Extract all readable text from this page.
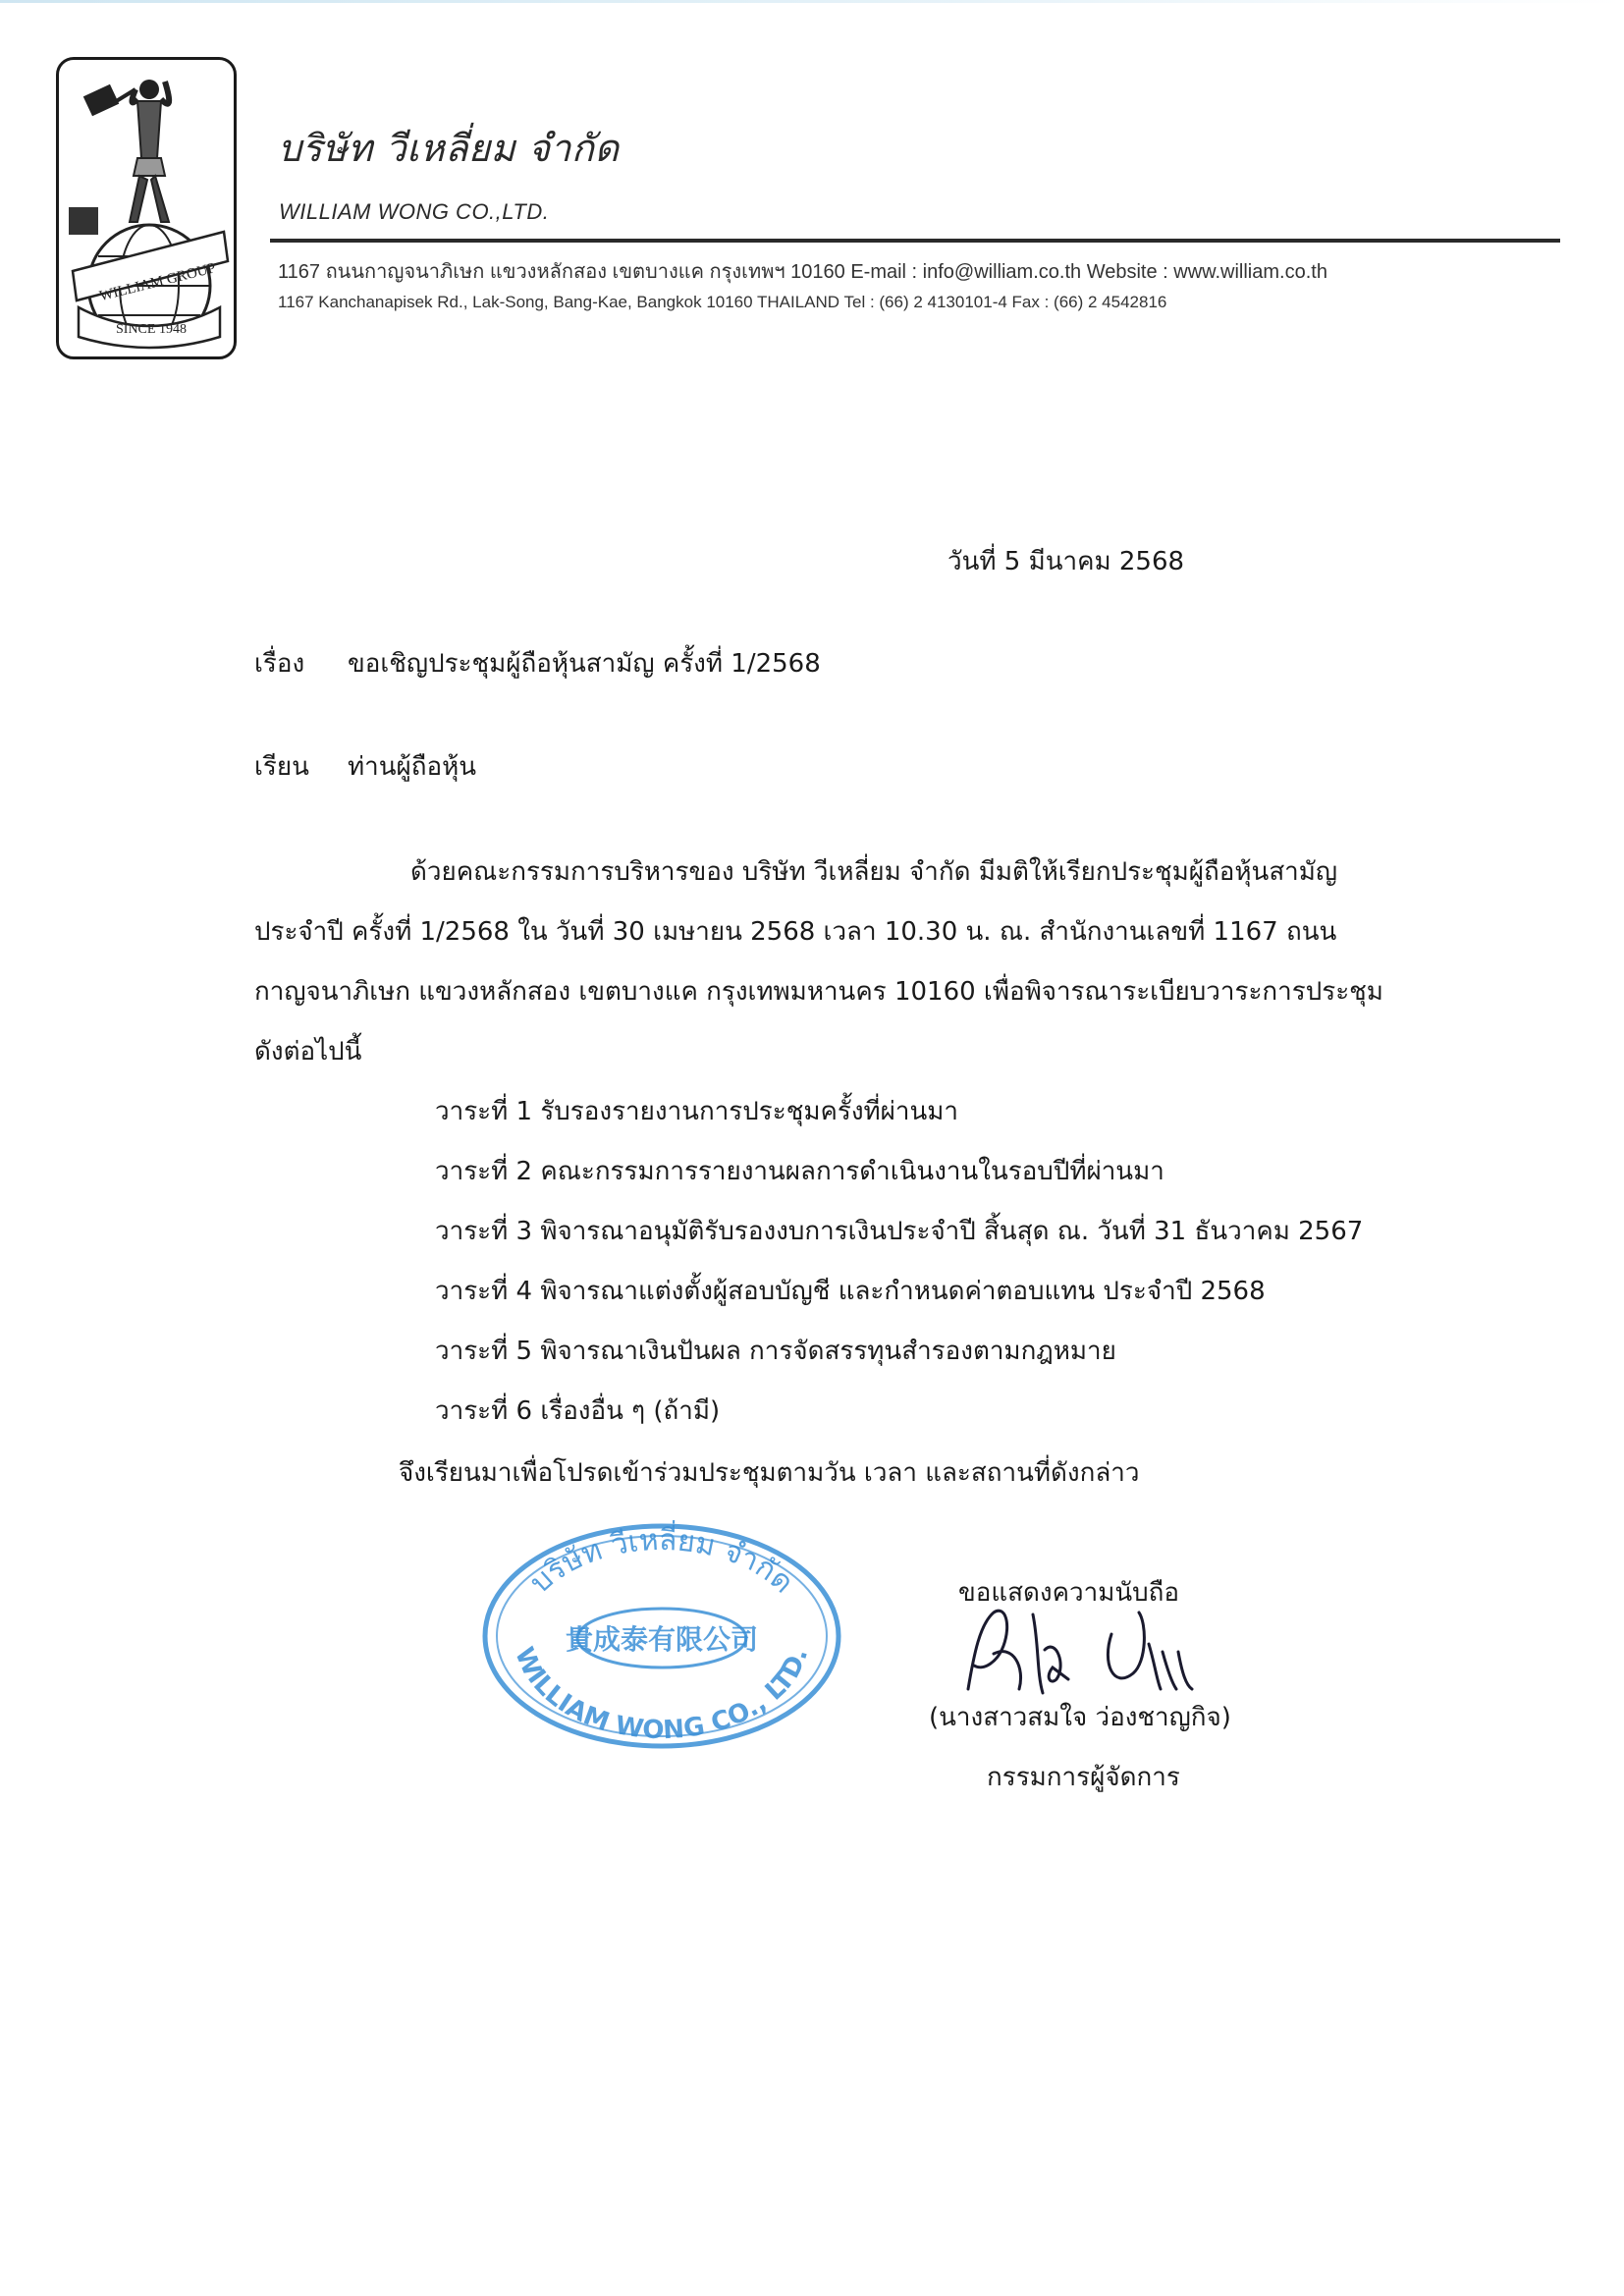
WILLIAM GROUP
SINCE 1948
บริษัท วีเหลี่ยม จำกัด
WILLIAM WONG CO.,LTD.
1167 ถนนกาญจนาภิเษก แขวงหลักสอง เขตบางแค กรุงเทพฯ 10160 E-mail : info@william.co.th Website : www.william.co.th
1167 Kanchanapisek Rd., Lak-Song, Bang-Kae, Bangkok 10160 THAILAND Tel : (66) 2 4130101-4 Fax : (66) 2 4542816
วันที่ 5 มีนาคม 2568
เรื่อง ขอเชิญประชุมผู้ถือหุ้นสามัญ ครั้งที่ 1/2568
เรียน ท่านผู้ถือหุ้น
ด้วยคณะกรรมการบริหารของ บริษัท วีเหลี่ยม จำกัด มีมติให้เรียกประชุมผู้ถือหุ้นสามัญ
ประจำปี ครั้งที่ 1/2568 ใน วันที่ 30 เมษายน 2568 เวลา 10.30 น. ณ. สำนักงานเลขที่ 1167 ถนน
กาญจนาภิเษก แขวงหลักสอง เขตบางแค กรุงเทพมหานคร 10160 เพื่อพิจารณาระเบียบวาระการประชุม
ดังต่อไปนี้
วาระที่ 1 รับรองรายงานการประชุมครั้งที่ผ่านมา
วาระที่ 2 คณะกรรมการรายงานผลการดำเนินงานในรอบปีที่ผ่านมา
วาระที่ 3 พิจารณาอนุมัติรับรองงบการเงินประจำปี สิ้นสุด ณ. วันที่ 31 ธันวาคม 2567
วาระที่ 4 พิจารณาแต่งตั้งผู้สอบบัญชี และกำหนดค่าตอบแทน ประจำปี 2568
วาระที่ 5 พิจารณาเงินปันผล การจัดสรรทุนสำรองตามกฎหมาย
วาระที่ 6 เรื่องอื่น ๆ (ถ้ามี)
จึงเรียนมาเพื่อโปรดเข้าร่วมประชุมตามวัน เวลา และสถานที่ดังกล่าว
บริษัท วีเหลี่ยม จำกัด
貴成泰有限公司
WILLIAM WONG CO., LTD.
ขอแสดงความนับถือ
(นางสาวสมใจ ว่องชาญกิจ)
กรรมการผู้จัดการ
